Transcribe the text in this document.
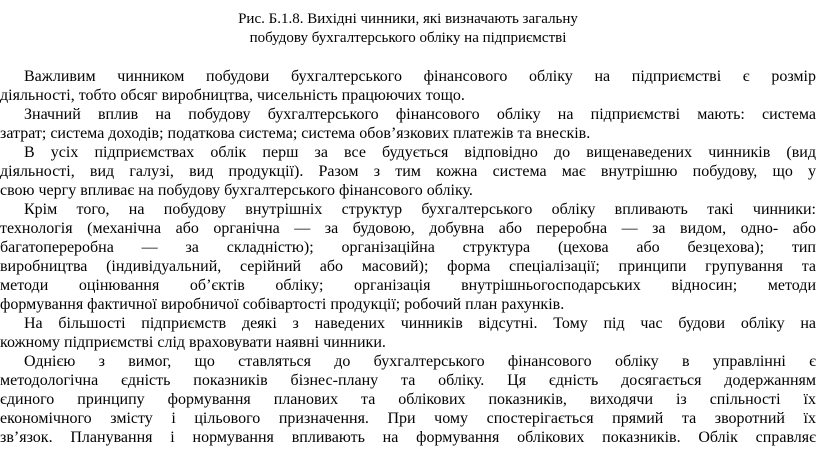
Рис. Б.1.8. Вихідні чинники, які визначають загальну
побудову бухгалтерського обліку на підприємстві
Важливим чинником побудови бухгалтерського фінансового обліку на підприємстві є розмір
діяльності, тобто обсяг виробництва, чисельність працюючих тощо.
Значний вплив на побудову бухгалтерського фінансового обліку на підприємстві мають: система
затрат; система доходів; податкова система; система обов’язкових платежів та внесків.
В усіх підприємствах облік перш за все будується відповідно до вищенаведених чинників (вид
діяльності, вид галузі, вид продукції). Разом з тим кожна система має внутрішню побудову, що у
свою чергу впливає на побудову бухгалтерського фінансового обліку.
Крім того, на побудову внутрішніх структур бухгалтерського обліку впливають такі чинники:
технологія (механічна або органічна — за будовою, добувна або переробна — за видом, одно- або
багатопереробна — за складністю); організаційна структура (цехова або безцехова); тип
виробництва (індивідуальний, серійний або масовий); форма спеціалізації; принципи групування та
методи оцінювання об’єктів обліку; організація внутрішньогосподарських відносин; методи
формування фактичної виробничої собівартості продукції; робочий план рахунків.
На більшості підприємств деякі з наведених чинників відсутні. Тому під час будови обліку на
кожному підприємстві слід враховувати наявні чинники.
Однією з вимог, що ставляться до бухгалтерського фінансового обліку в управлінні є
методологічна єдність показників бізнес-плану та обліку. Ця єдність досягається додержанням
єдиного принципу формування планових та облікових показників, виходячи із спільності їх
економічного змісту і цільового призначення. При чому спостерігається прямий та зворотний їх
зв’язок. Планування і нормування впливають на формування облікових показників. Облік справляє
